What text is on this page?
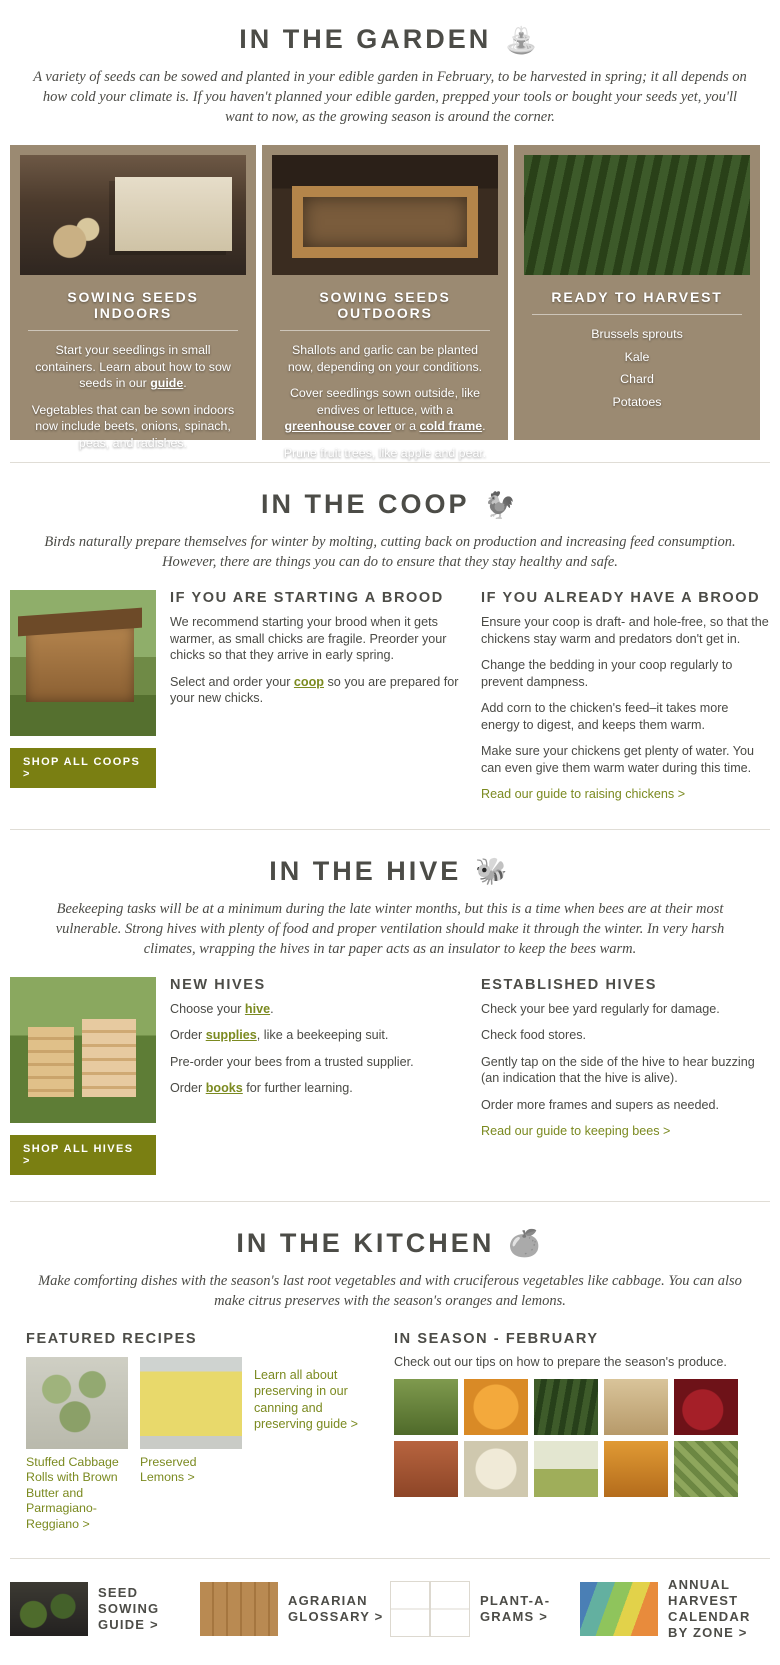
IN THE GARDEN ⛲

A variety of seeds can be sowed and planted in your edible garden in February, to be harvested in spring; it all depends on how cold your climate is. If you haven't planned your edible garden, prepped your tools or bought your seeds yet, you'll want to now, as the growing season is around the corner.

SOWING SEEDS INDOORS

Start your seedlings in small containers. Learn about how to sow seeds in our guide.

Vegetables that can be sown indoors now include beets, onions, spinach, peas, and radishes.

SOWING SEEDS OUTDOORS

Shallots and garlic can be planted now, depending on your conditions.

Cover seedlings sown outside, like endives or lettuce, with a greenhouse cover or a cold frame.

Prune fruit trees, like apple and pear.

READY TO HARVEST
Brussels sprouts
Kale
Chard
Potatoes
IN THE COOP 🐓

Birds naturally prepare themselves for winter by molting, cutting back on production and increasing feed consumption. However, there are things you can do to ensure that they stay healthy and safe.

SHOP ALL COOPS >
IF YOU ARE STARTING A BROOD

We recommend starting your brood when it gets warmer, as small chicks are fragile. Preorder your chicks so that they arrive in early spring.

Select and order your coop so you are prepared for your new chicks.

IF YOU ALREADY HAVE A BROOD

Ensure your coop is draft- and hole-free, so that the chickens stay warm and predators don't get in.

Change the bedding in your coop regularly to prevent dampness.

Add corn to the chicken's feed–it takes more energy to digest, and keeps them warm.

Make sure your chickens get plenty of water. You can even give them warm water during this time.

Read our guide to raising chickens >
IN THE HIVE 🐝

Beekeeping tasks will be at a minimum during the late winter months, but this is a time when bees are at their most vulnerable. Strong hives with plenty of food and proper ventilation should make it through the winter. In very harsh climates, wrapping the hives in tar paper acts as an insulator to keep the bees warm.

SHOP ALL HIVES >
NEW HIVES

Choose your hive.

Order supplies, like a beekeeping suit.

Pre-order your bees from a trusted supplier.

Order books for further learning.

ESTABLISHED HIVES

Check your bee yard regularly for damage.

Check food stores.

Gently tap on the side of the hive to hear buzzing (an indication that the hive is alive).

Order more frames and supers as needed.

Read our guide to keeping bees >
IN THE KITCHEN 🍊

Make comforting dishes with the season's last root vegetables and with cruciferous vegetables like cabbage. You can also make citrus preserves with the season's oranges and lemons.

FEATURED RECIPES
Stuffed Cabbage Rolls with Brown Butter and Parmagiano-Reggiano >
Preserved Lemons >
Learn all about preserving in our canning and preserving guide >
IN SEASON - FEBRUARY
Check out our tips on how to prepare the season's produce.
SEED SOWING GUIDE >
AGRARIAN GLOSSARY >
PLANT-A-GRAMS >
ANNUAL HARVEST CALENDAR BY ZONE >
